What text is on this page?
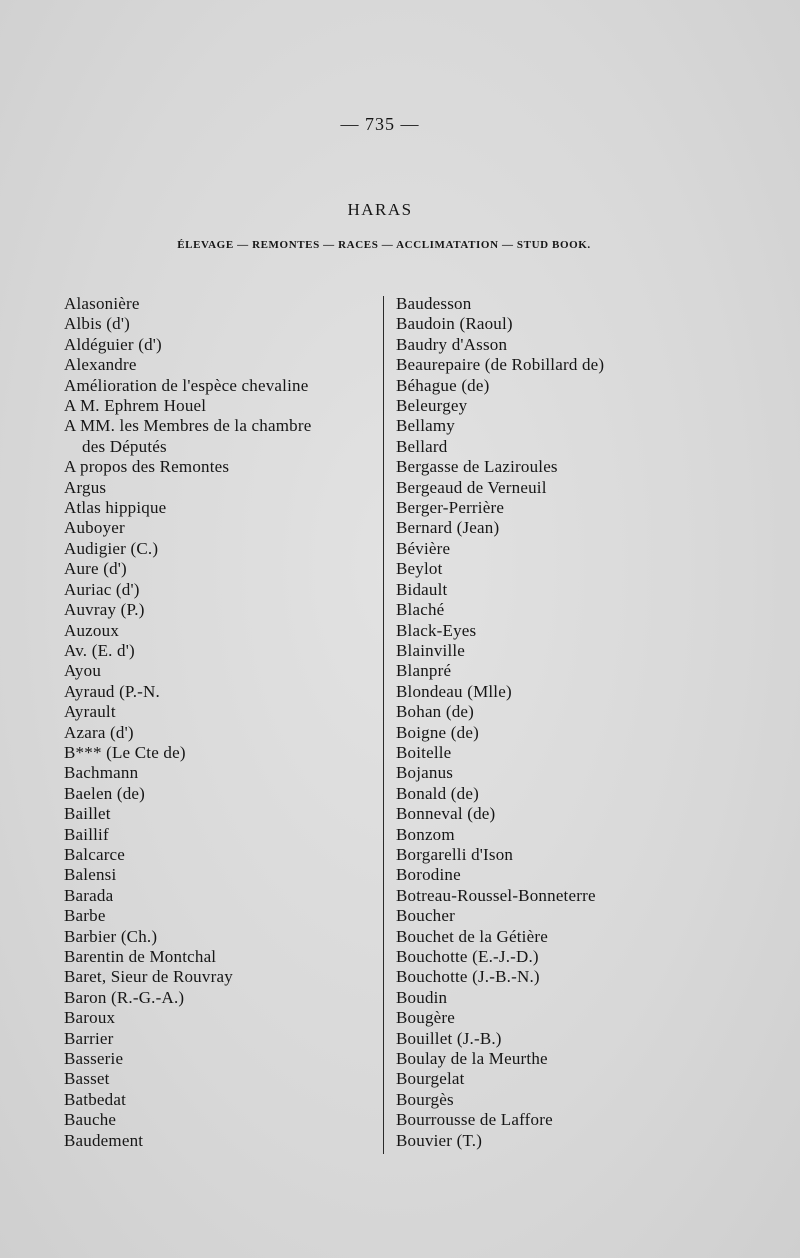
— 735 —
HARAS
ÉLEVAGE — REMONTES — RACES — ACCLIMATATION — STUD BOOK.
Alasonière
Albis (d')
Aldéguier (d')
Alexandre
Amélioration de l'espèce chevaline
A M. Ephrem Houel
A MM. les Membres de la chambre
des Députés
A propos des Remontes
Argus
Atlas hippique
Auboyer
Audigier (C.)
Aure (d')
Auriac (d')
Auvray (P.)
Auzoux
Av. (E. d')
Ayou
Ayraud (P.-N.
Ayrault
Azara (d')
B*** (Le Cte de)
Bachmann
Baelen (de)
Baillet
Baillif
Balcarce
Balensi
Barada
Barbe
Barbier (Ch.)
Barentin de Montchal
Baret, Sieur de Rouvray
Baron (R.-G.-A.)
Baroux
Barrier
Basserie
Basset
Batbedat
Bauche
Baudement
Baudesson
Baudoin (Raoul)
Baudry d'Asson
Beaurepaire (de Robillard de)
Béhague (de)
Beleurgey
Bellamy
Bellard
Bergasse de Laziroules
Bergeaud de Verneuil
Berger-Perrière
Bernard (Jean)
Bévière
Beylot
Bidault
Blaché
Black-Eyes
Blainville
Blanpré
Blondeau (Mlle)
Bohan (de)
Boigne (de)
Boitelle
Bojanus
Bonald (de)
Bonneval (de)
Bonzom
Borgarelli d'Ison
Borodine
Botreau-Roussel-Bonneterre
Boucher
Bouchet de la Gétière
Bouchotte (E.-J.-D.)
Bouchotte (J.-B.-N.)
Boudin
Bougère
Bouillet (J.-B.)
Boulay de la Meurthe
Bourgelat
Bourgès
Bourrousse de Laffore
Bouvier (T.)
